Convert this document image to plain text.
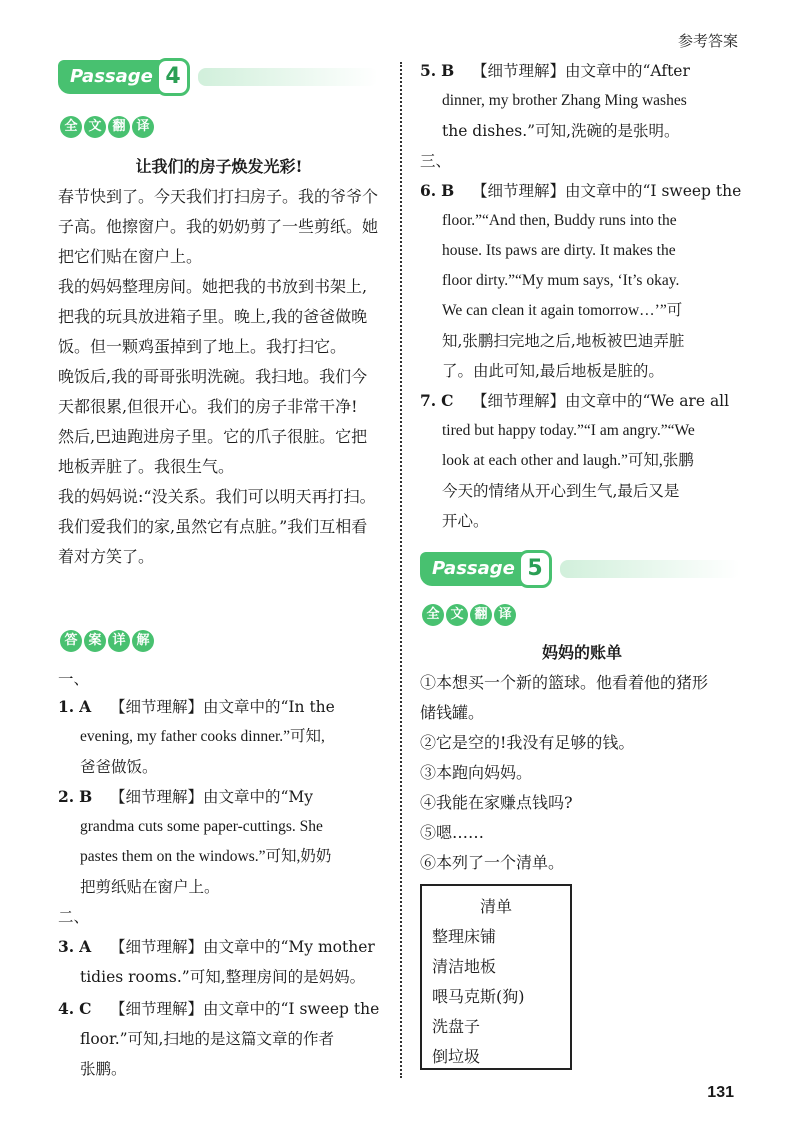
参考答案
Passage 4
全 文 翻 译
让我们的房子焕发光彩!

春节快到了。今天我们打扫房子。我的爷爷个子高。他擦窗户。我的奶奶剪了一些剪纸。她把它们贴在窗户上。

我的妈妈整理房间。她把我的书放到书架上,把我的玩具放进箱子里。晚上,我的爸爸做晚饭。但一颗鸡蛋掉到了地上。我打扫它。

晚饭后,我的哥哥张明洗碗。我扫地。我们今天都很累,但很开心。我们的房子非常干净!

然后,巴迪跑进房子里。它的爪子很脏。它把地板弄脏了。我很生气。

我的妈妈说:“没关系。我们可以明天再打扫。我们爱我们的家,虽然它有点脏。”我们互相看着对方笑了。

答 案 详 解
一、
1. A	【细节理解】由文章中的“In the
evening, my father cooks dinner.”可知,
爸爸做饭。
2. B	【细节理解】由文章中的“My
grandma cuts some paper-cuttings. She
pastes them on the windows.”可知,奶奶
把剪纸贴在窗户上。
二、
3. A	【细节理解】由文章中的“My mother
tidies rooms.”可知,整理房间的是妈妈。
4. C	【细节理解】由文章中的“I sweep the
floor.”可知,扫地的是这篇文章的作者
张鹏。
5. B	【细节理解】由文章中的“After
dinner, my brother Zhang Ming washes
the dishes.”可知,洗碗的是张明。
三、
6. B	【细节理解】由文章中的“I sweep the
floor.”“And then, Buddy runs into the
house. Its paws are dirty. It makes the
floor dirty.”“My mum says, ‘It’s okay.
We can clean it again tomorrow…’”可
知,张鹏扫完地之后,地板被巴迪弄脏
了。由此可知,最后地板是脏的。
7. C	【细节理解】由文章中的“We are all
tired but happy today.”“I am angry.”“We
look at each other and laugh.”可知,张鹏
今天的情绪从开心到生气,最后又是
开心。
Passage 5
全 文 翻 译
妈妈的账单
①本想买一个新的篮球。他看着他的猪形
储钱罐。
②它是空的!我没有足够的钱。
③本跑向妈妈。
④我能在家赚点钱吗?
⑤嗯……
⑥本列了一个清单。
清单
整理床铺
清洁地板
喂马克斯(狗)
洗盘子
倒垃圾
131
